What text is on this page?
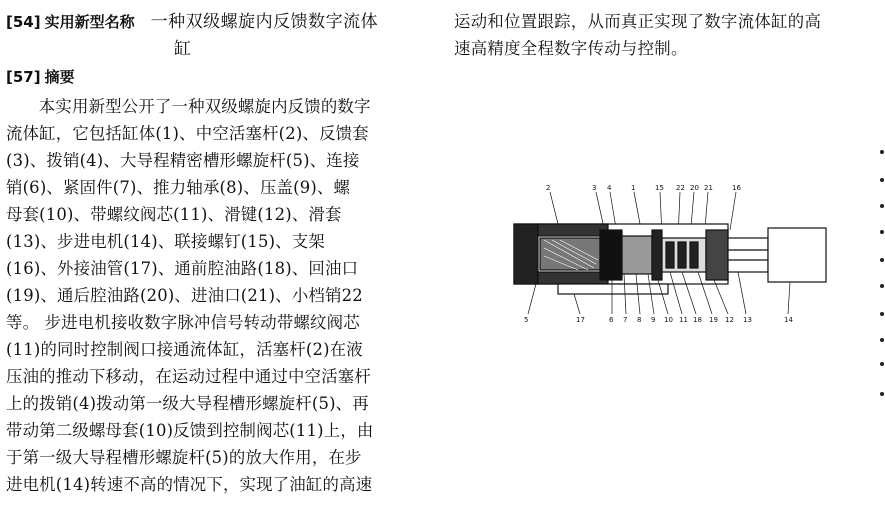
[54] 实用新型名称 一种双级螺旋内反馈数字流体
缸
[57] 摘要
本实用新型公开了一种双级螺旋内反馈的数字
流体缸，它包括缸体(1)、中空活塞杆(2)、反馈套
(3)、拨销(4)、大导程精密槽形螺旋杆(5)、连接
销(6)、紧固件(7)、推力轴承(8)、压盖(9)、螺
母套(10)、带螺纹阀芯(11)、滑键(12)、滑套
(13)、步进电机(14)、联接螺钉(15)、支架
(16)、外接油管(17)、通前腔油路(18)、回油口
(19)、通后腔油路(20)、进油口(21)、小档销22
等。 步进电机接收数字脉冲信号转动带螺纹阀芯
(11)的同时控制阀口接通流体缸，活塞杆(2)在液
压油的推动下移动，在运动过程中通过中空活塞杆
上的拨销(4)拨动第一级大导程槽形螺旋杆(5)、再
带动第二级螺母套(10)反馈到控制阀芯(11)上，由
于第一级大导程槽形螺旋杆(5)的放大作用，在步
进电机(14)转速不高的情况下，实现了油缸的高速
运动和位置跟踪，从而真正实现了数字流体缸的高
速高精度全程数字传动与控制。
2	3 4	1	15 22 20 21	16
5	17	6 7 8 9 10 11 18 19 12 13	14
